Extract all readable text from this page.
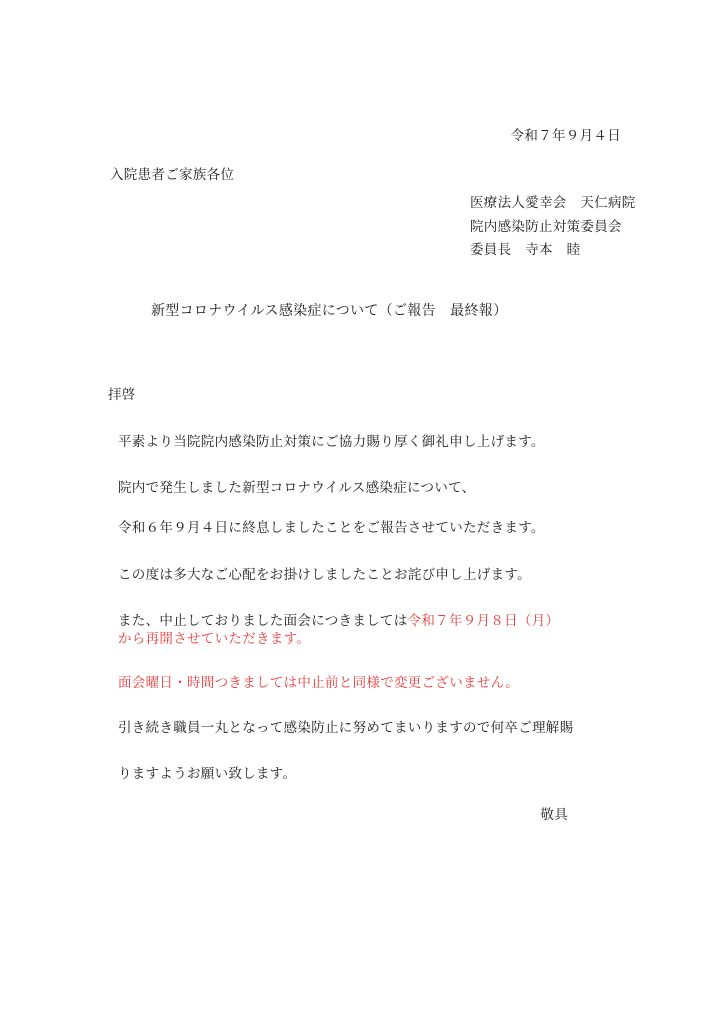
令和７年９月４日
入院患者ご家族各位
医療法人愛幸会　天仁病院
院内感染防止対策委員会
委員長　寺本　睦
新型コロナウイルス感染症について（ご報告　最終報）
拝啓
平素より当院院内感染防止対策にご協力賜り厚く御礼申し上げます。
院内で発生しました新型コロナウイルス感染症について、
令和６年９月４日に終息しましたことをご報告させていただきます。
この度は多大なご心配をお掛けしましたことお詫び申し上げます。
また、中止しておりました面会につきましては令和７年９月８日（月）
から再開させていただきます。
面会曜日・時間つきましては中止前と同様で変更ございません。
引き続き職員一丸となって感染防止に努めてまいりますので何卒ご理解賜
りますようお願い致します。
敬具
